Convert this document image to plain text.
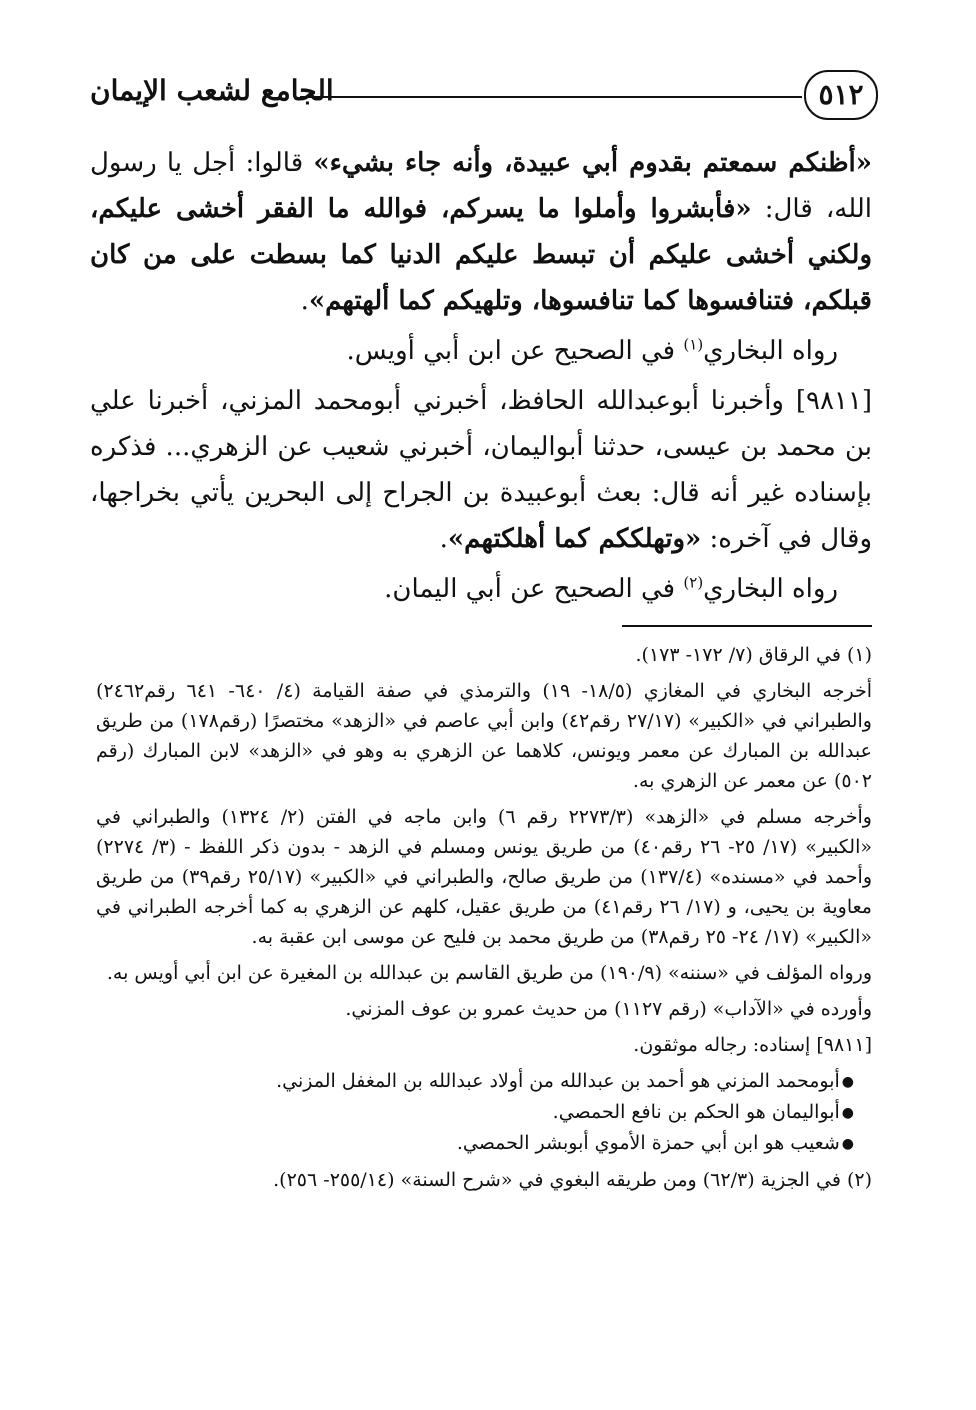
٥١٢
الجامع لشعب الإيمان

«أظنكم سمعتم بقدوم أبي عبيدة، وأنه جاء بشيء» قالوا: أجل يا رسول الله، قال: «فأبشروا وأملوا ما يسركم، فوالله ما الفقر أخشى عليكم، ولكني أخشى عليكم أن تبسط عليكم الدنيا كما بسطت على من كان قبلكم، فتنافسوها كما تنافسوها، وتلهيكم كما ألهتهم».

رواه البخاري$^{(١)}$ في الصحيح عن ابن أبي أويس.

[٩٨١١] وأخبرنا أبوعبدالله الحافظ، أخبرني أبومحمد المزني، أخبرنا علي بن محمد بن عيسى، حدثنا أبواليمان، أخبرني شعيب عن الزهري... فذكره بإسناده غير أنه قال: بعث أبوعبيدة بن الجراح إلى البحرين يأتي بخراجها، وقال في آخره: «وتهلككم كما أهلكتهم».

رواه البخاري$^{(٢)}$ في الصحيح عن أبي اليمان.

(١) في الرقاق (٧/ ١٧٢- ١٧٣).

أخرجه البخاري في المغازي (١٨/٥- ١٩) والترمذي في صفة القيامة (٤/ ٦٤٠- ٦٤١ رقم٢٤٦٢) والطبراني في «الكبير» (٢٧/١٧ رقم٤٢) وابن أبي عاصم في «الزهد» مختصرًا (رقم١٧٨) من طريق عبدالله بن المبارك عن معمر ويونس، كلاهما عن الزهري به وهو في «الزهد» لابن المبارك (رقم ٥٠٢) عن معمر عن الزهري به.

وأخرجه مسلم في «الزهد» (٢٢٧٣/٣ رقم ٦) وابن ماجه في الفتن (٢/ ١٣٢٤) والطبراني في «الكبير» (١٧/ ٢٥- ٢٦ رقم٤٠) من طريق يونس ومسلم في الزهد - بدون ذكر اللفظ - (٣/ ٢٢٧٤) وأحمد في «مسنده» (١٣٧/٤) من طريق صالح، والطبراني في «الكبير» (٢٥/١٧ رقم٣٩) من طريق معاوية بن يحيى، و (١٧/ ٢٦ رقم٤١) من طريق عقيل، كلهم عن الزهري به كما أخرجه الطبراني في «الكبير» (١٧/ ٢٤- ٢٥ رقم٣٨) من طريق محمد بن فليح عن موسى ابن عقبة به.

ورواه المؤلف في «سننه» (١٩٠/٩) من طريق القاسم بن عبدالله بن المغيرة عن ابن أبي أويس به.

وأورده في «الآداب» (رقم ١١٢٧) من حديث عمرو بن عوف المزني.

[٩٨١١] إسناده: رجاله موثقون.

●أبومحمد المزني هو أحمد بن عبدالله من أولاد عبدالله بن المغفل المزني.
●أبواليمان هو الحكم بن نافع الحمصي.
●شعيب هو ابن أبي حمزة الأموي أبوبشر الحمصي.

(٢) في الجزية (٦٢/٣) ومن طريقه البغوي في «شرح السنة» (٢٥٥/١٤- ٢٥٦).
